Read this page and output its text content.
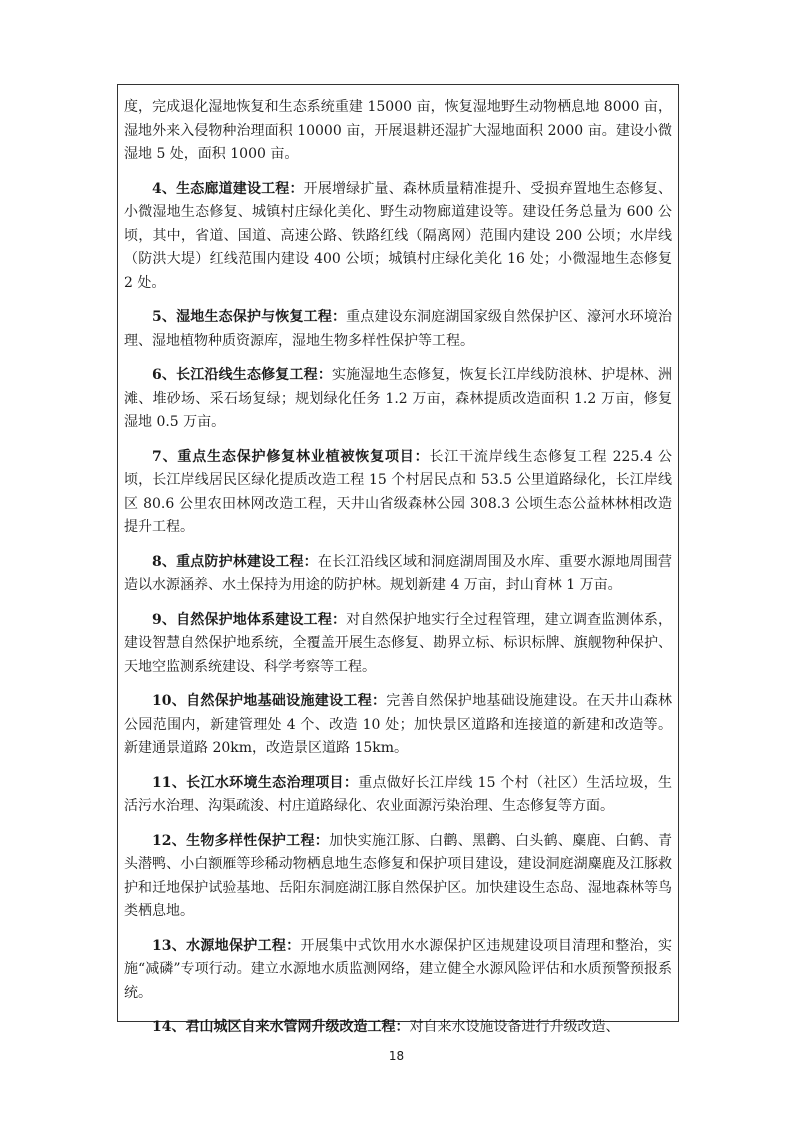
度，完成退化湿地恢复和生态系统重建 15000 亩，恢复湿地野生动物栖息地 8000 亩，湿地外来入侵物种治理面积 10000 亩，开展退耕还湿扩大湿地面积 2000 亩。建设小微湿地 5 处，面积 1000 亩。

4、生态廊道建设工程：开展增绿扩量、森林质量精准提升、受损弃置地生态修复、小微湿地生态修复、城镇村庄绿化美化、野生动物廊道建设等。建设任务总量为 600 公顷，其中，省道、国道、高速公路、铁路红线（隔离网）范围内建设 200 公顷；水岸线（防洪大堤）红线范围内建设 400 公顷；城镇村庄绿化美化 16 处；小微湿地生态修复 2 处。

5、湿地生态保护与恢复工程：重点建设东洞庭湖国家级自然保护区、濠河水环境治理、湿地植物种质资源库，湿地生物多样性保护等工程。

6、长江沿线生态修复工程：实施湿地生态修复，恢复长江岸线防浪林、护堤林、洲滩、堆砂场、采石场复绿；规划绿化任务 1.2 万亩，森林提质改造面积 1.2 万亩，修复湿地 0.5 万亩。

7、重点生态保护修复林业植被恢复项目：长江干流岸线生态修复工程 225.4 公顷，长江岸线居民区绿化提质改造工程 15 个村居民点和 53.5 公里道路绿化，长江岸线区 80.6 公里农田林网改造工程，天井山省级森林公园 308.3 公顷生态公益林林相改造提升工程。

8、重点防护林建设工程：在长江沿线区域和洞庭湖周围及水库、重要水源地周围营造以水源涵养、水土保持为用途的防护林。规划新建 4 万亩，封山育林 1 万亩。

9、自然保护地体系建设工程：对自然保护地实行全过程管理，建立调查监测体系，建设智慧自然保护地系统，全覆盖开展生态修复、勘界立标、标识标牌、旗舰物种保护、天地空监测系统建设、科学考察等工程。

10、自然保护地基础设施建设工程：完善自然保护地基础设施建设。在天井山森林公园范围内，新建管理处 4 个、改造 10 处；加快景区道路和连接道的新建和改造等。新建通景道路 20km，改造景区道路 15km。

11、长江水环境生态治理项目：重点做好长江岸线 15 个村（社区）生活垃圾，生活污水治理、沟渠疏浚、村庄道路绿化、农业面源污染治理、生态修复等方面。

12、生物多样性保护工程：加快实施江豚、白鹳、黑鹳、白头鹤、麋鹿、白鹤、青头潜鸭、小白额雁等珍稀动物栖息地生态修复和保护项目建设，建设洞庭湖麋鹿及江豚救护和迁地保护试验基地、岳阳东洞庭湖江豚自然保护区。加快建设生态岛、湿地森林等鸟类栖息地。

13、水源地保护工程：开展集中式饮用水水源保护区违规建设项目清理和整治，实施“减磷”专项行动。建立水源地水质监测网络，建立健全水源风险评估和水质预警预报系统。

14、君山城区自来水管网升级改造工程：对自来水设施设备进行升级改造、

18
